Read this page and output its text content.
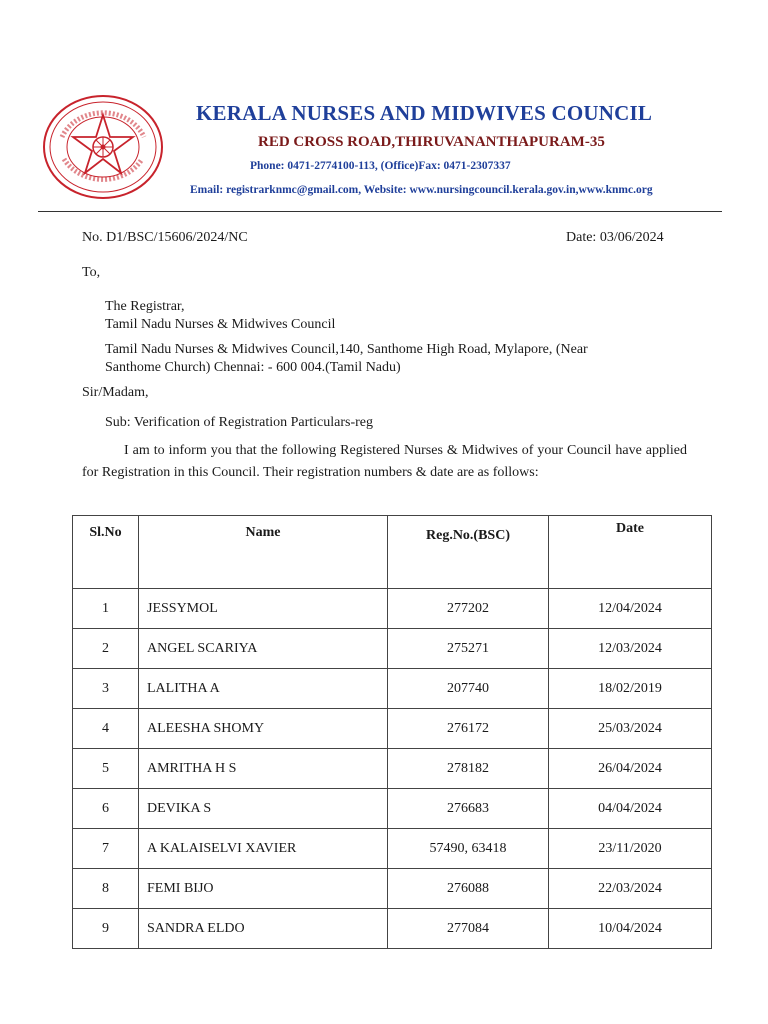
KERALA NURSES AND MIDWIVES COUNCIL
RED CROSS ROAD,THIRUVANANTHAPURAM-35
Phone: 0471-2774100-113, (Office)Fax: 0471-2307337
Email: registrarknmc@gmail.com, Website: www.nursingcouncil.kerala.gov.in,www.knmc.org
No. D1/BSC/15606/2024/NC	Date: 03/06/2024
To,
The Registrar,
Tamil Nadu Nurses & Midwives Council
Tamil Nadu Nurses & Midwives Council,140, Santhome High Road, Mylapore, (Near
Santhome Church) Chennai: - 600 004.(Tamil Nadu)
Sir/Madam,
Sub: Verification of Registration Particulars-reg
I am to inform you that the following Registered Nurses & Midwives of your Council have applied for Registration in this Council. Their registration numbers & date are as follows:
Sl.No	Name	Reg.No.(BSC)	Date
1	JESSYMOL	277202	12/04/2024
2	ANGEL SCARIYA	275271	12/03/2024
3	LALITHA A	207740	18/02/2019
4	ALEESHA SHOMY	276172	25/03/2024
5	AMRITHA H S	278182	26/04/2024
6	DEVIKA S	276683	04/04/2024
7	A KALAISELVI XAVIER	57490, 63418	23/11/2020
8	FEMI BIJO	276088	22/03/2024
9	SANDRA ELDO	277084	10/04/2024
